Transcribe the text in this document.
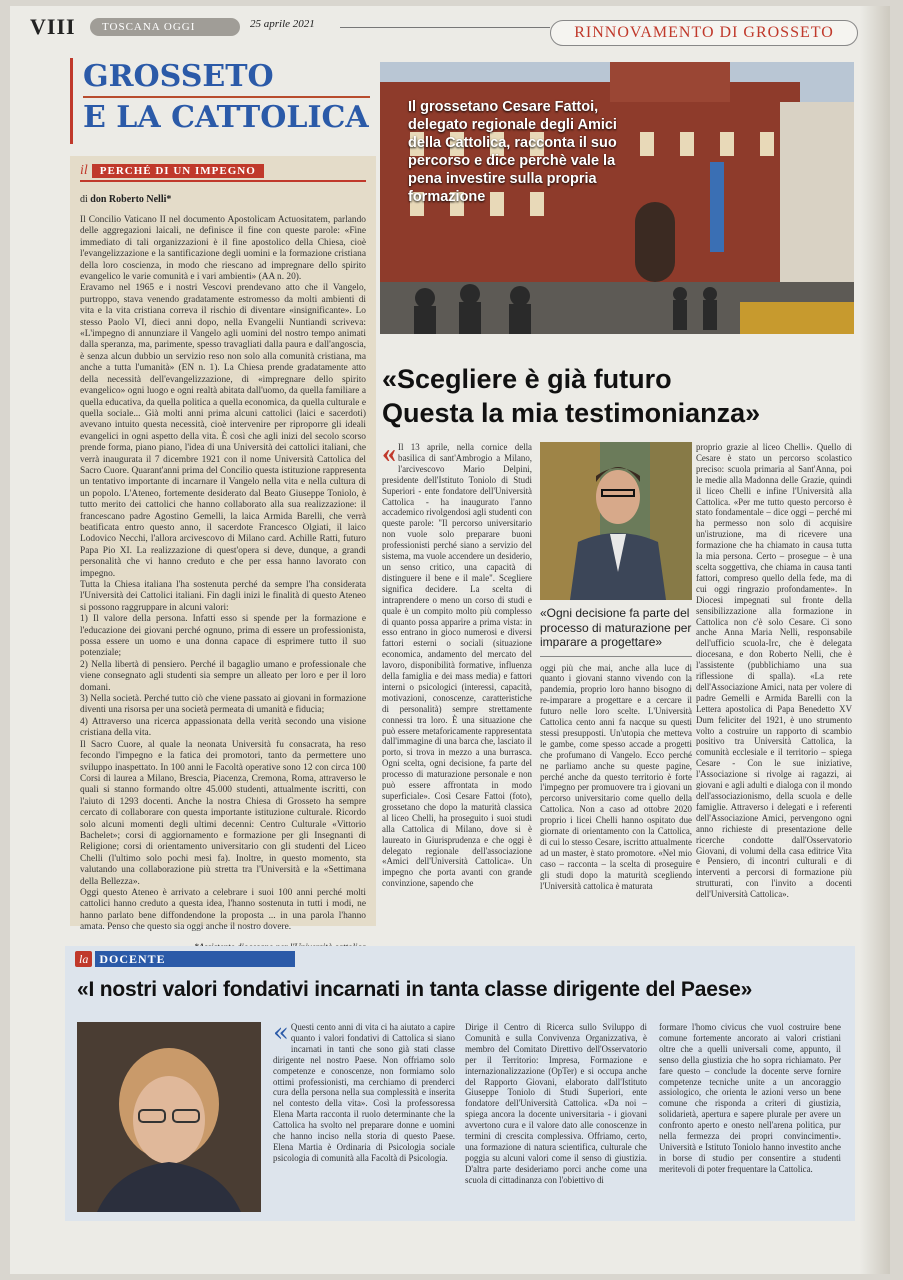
VIII	TOSCANA OGGI	25 aprile 2021	RINNOVAMENTO DI GROSSETO
GROSSETO
E LA CATTOLICA
il	PERCHÉ DI UN IMPEGNO
di don Roberto Nelli*

Il Concilio Vaticano II nel documento Apostolicam Actuositatem, parlando delle aggregazioni laicali, ne definisce il fine con queste parole: «Fine immediato di tali organizzazioni è il fine apostolico della Chiesa, cioè l'evangelizzazione e la santificazione degli uomini e la formazione cristiana della loro coscienza, in modo che riescano ad impregnare dello spirito evangelico le varie comunità e i vari ambienti» (AA n. 20).

Eravamo nel 1965 e i nostri Vescovi prendevano atto che il Vangelo, purtroppo, stava venendo gradatamente estromesso da molti ambienti di vita e la vita cristiana correva il rischio di diventare «insignificante». Lo stesso Paolo VI, dieci anni dopo, nella Evangelii Nuntiandi scriveva: «L'impegno di annunziare il Vangelo agli uomini del nostro tempo animati dalla speranza, ma, parimente, spesso travagliati dalla paura e dall'angoscia, è senza alcun dubbio un servizio reso non solo alla comunità cristiana, ma anche a tutta l'umanità» (EN n. 1). La Chiesa prende gradatamente atto della necessità dell'evangelizzazione, di «impregnare dello spirito evangelico» ogni luogo e ogni realtà abitata dall'uomo, da quella familiare a quella educativa, da quella politica a quella economica, da quella culturale e quella sociale... Già molti anni prima alcuni cattolici (laici e sacerdoti) avevano intuito questa necessità, cioè intervenire per riproporre gli ideali evangelici in ogni aspetto della vita. È così che agli inizi del secolo scorso prende forma, piano piano, l'idea di una Università dei cattolici italiani, che verrà inaugurata il 7 dicembre 1921 con il nome Università Cattolica del Sacro Cuore. Quarant'anni prima del Concilio questa istituzione rappresenta un tentativo importante di incarnare il Vangelo nella vita e nella cultura di un popolo. L'Ateneo, fortemente desiderato dal Beato Giuseppe Toniolo, è tutto merito dei cattolici che hanno collaborato alla sua realizzazione: il francescano padre Agostino Gemelli, la laica Armida Barelli, che verrà beatificata entro questo anno, il sacerdote Francesco Olgiati, il laico Lodovico Necchi, l'allora arcivescovo di Milano card. Achille Ratti, futuro Papa Pio XI. La realizzazione di quest'opera si deve, dunque, a grandi personalità che vi hanno creduto e che per essa hanno lavorato con impegno.

Tutta la Chiesa italiana l'ha sostenuta perché da sempre l'ha considerata l'Università dei Cattolici italiani. Fin dagli inizi le finalità di questo Ateneo si possono raggruppare in alcuni valori:

1) Il valore della persona. Infatti esso si spende per la formazione e l'educazione dei giovani perché ognuno, prima di essere un professionista, possa essere un uomo e una donna capace di esprimere tutto il suo potenziale;

2) Nella libertà di pensiero. Perché il bagaglio umano e professionale che viene consegnato agli studenti sia sempre un alleato per loro e per il loro domani.

3) Nella società. Perché tutto ciò che viene passato ai giovani in formazione diventi una risorsa per una società permeata di umanità e fiducia;

4) Attraverso una ricerca appassionata della verità secondo una visione cristiana della vita.

Il Sacro Cuore, al quale la neonata Università fu consacrata, ha reso fecondo l'impegno e la fatica dei promotori, tanto da permettere uno sviluppo inaspettato. In 100 anni le Facoltà operative sono 12 con circa 100 Corsi di laurea a Milano, Brescia, Piacenza, Cremona, Roma, attraverso le quali si stanno formando oltre 45.000 studenti, attualmente iscritti, con l'aiuto di 1293 docenti. Anche la nostra Chiesa di Grosseto ha sempre cercato di collaborare con questa importante istituzione culturale. Ricordo solo alcuni momenti degli ultimi decenni: Centro Culturale «Vittorio Bachelet»; corsi di aggiornamento e formazione per gli Insegnanti di Religione; corsi di orientamento universitario con gli studenti del Liceo Chelli (l'ultimo solo pochi mesi fa). Inoltre, in questo momento, sta valutando una collaborazione più stretta tra l'Università e la «Settimana della Bellezza».

Oggi questo Ateneo è arrivato a celebrare i suoi 100 anni perché molti cattolici hanno creduto a questa idea, l'hanno sostenuta in tutti i modi, ne hanno parlato bene diffondendone la proposta ... in una parola l'hanno amata. Penso che questo sia oggi anche il nostro dovere.

Il grossetano Cesare Fattoi, delegato regionale degli Amici della Cattolica, racconta il suo percorso e dice perchè vale la pena investire sulla propria formazione
«Scegliere è già futuro
Questa la mia testimonianza»
« Il 13 aprile, nella cornice della basilica di sant'Ambrogio a Milano, l'arcivescovo Mario Delpini, presidente dell'Istituto Toniolo di Studi Superiori - ente fondatore dell'Università Cattolica - ha inaugurato l'anno accademico rivolgendosi agli studenti con queste parole: "Il percorso universitario non vuole solo preparare buoni professionisti perché siano a servizio del sistema, ma vuole accendere un desiderio, un senso critico, una capacità di distinguere il bene e il male". Scegliere significa decidere. La scelta di intraprendere o meno un corso di studi e quale è un compito molto più complesso di quanto possa apparire a prima vista: in esso entrano in gioco numerosi e diversi fattori esterni o sociali (situazione economica, andamento del mercato del lavoro, disponibilità formative, influenza della famiglia e dei mass media) e fattori interni o psicologici (interessi, capacità, motivazioni, conoscenze, caratteristiche di personalità) sempre strettamente connessi tra loro. È una situazione che può essere metaforicamente rappresentata dall'immagine di una barca che, lasciato il porto, si trova in mezzo a una burrasca. Ogni scelta, ogni decisione, fa parte del processo di maturazione personale e non può essere affrontata in modo superficiale». Così Cesare Fattoi (foto), grossetano che dopo la maturità classica al liceo Chelli, ha proseguito i suoi studi alla Cattolica di Milano, dove si è laureato in Giurisprudenza e che oggi è delegato regionale dell'associazione «Amici dell'Università Cattolica». Un impegno che porta avanti con grande convinzione, sapendo che
«Ogni decisione fa parte del processo di maturazione per imparare a progettare»
oggi più che mai, anche alla luce di quanto i giovani stanno vivendo con la pandemia, proprio loro hanno bisogno di re-imparare a progettare e a cercare il futuro nelle loro scelte. L'Università Cattolica cento anni fa nacque su questi stessi presupposti. Un'utopia che metteva le gambe, come spesso accade a progetti che profumano di Vangelo. Ecco perché ne parliamo anche su queste pagine, perché anche da questo territorio è forte l'impegno per promuovere tra i giovani un percorso universitario come quello della Cattolica. Non a caso ad ottobre 2020 proprio i licei Chelli hanno ospitato due giornate di orientamento con la Cattolica, di cui lo stesso Cesare, iscritto attualmente ad un master, è stato promotore. «Nel mio caso – racconta – la scelta di proseguire gli studi dopo la maturità scegliendo l'Università cattolica è maturata
proprio grazie al liceo Chelli». Quello di Cesare è stato un percorso scolastico preciso: scuola primaria al Sant'Anna, poi le medie alla Madonna delle Grazie, quindi il liceo Chelli e infine l'Università alla Cattolica. «Per me tutto questo percorso è stato fondamentale – dice oggi – perché mi ha permesso non solo di acquisire un'istruzione, ma di ricevere una formazione che ha chiamato in causa tutta la mia persona. Certo – prosegue – è una scelta soggettiva, che chiama in causa tanti fattori, compreso quello della fede, ma di cui oggi ringrazio profondamente». In Diocesi impegnati sul fronte della sensibilizzazione alla formazione in Cattolica non c'è solo Cesare. Ci sono anche Anna Maria Nelli, responsabile dell'ufficio scuola-Irc, che è delegata diocesana, e don Roberto Nelli, che è l'assistente (pubblichiamo una sua riflessione di spalla). «La rete dell'Associazione Amici, nata per volere di padre Gemelli e Armida Barelli con la Lettera apostolica di Papa Benedetto XV Dum feliciter del 1921, è uno strumento volto a costruire un rapporto di scambio positivo tra Università Cattolica, la comunità ecclesiale e il territorio – spiega Cesare - Con le sue iniziative, l'Associazione si rivolge ai ragazzi, ai giovani e agli adulti e dialoga con il mondo dell'associazionismo, della scuola e delle famiglie. Attraverso i delegati e i referenti dell'Associazione Amici, pervengono ogni anno richieste di presentazione delle ricerche condotte dall'Osservatorio Giovani, di volumi della casa editrice Vita e Pensiero, di incontri culturali e di interventi a percorsi di formazione più strutturati, con l'invito a docenti dell'Università Cattolica».
la DOCENTE
«I nostri valori fondativi incarnati in tanta classe dirigente del Paese»
« Questi cento anni di vita ci ha aiutato a capire quanto i valori fondativi di Cattolica si siano incarnati in tanti che sono già stati classe dirigente nel nostro Paese. Non offriamo solo competenze e conoscenze, non formiamo solo ottimi professionisti, ma cerchiamo di prenderci cura della persona nella sua complessità e inserita nel contesto della vita». Così la professoressa Elena Marta racconta il ruolo determinante che la Cattolica ha svolto nel preparare donne e uomini che hanno inciso nella storia di questo Paese. Elena Martia è Ordinaria di Psicologia sociale psicologia di comunità alla Facoltà di Psicologia.
Dirige il Centro di Ricerca sullo Sviluppo di Comunità e sulla Convivenza Organizzativa, è membro del Comitato Direttivo dell'Osservatorio per il Territorio: Impresa, Formazione e internazionalizzazione (OpTer) e si occupa anche del Rapporto Giovani, elaborato dall'Istituto Giuseppe Toniolo di Studi Superiori, ente fondatore dell'Università Cattolica. «Da noi – spiega ancora la docente universitaria - i giovani avvertono cura e il valore dato alle conoscenze in termini di crescita complessiva. Offriamo, certo, una formazione di natura scientifica, culturale che poggia su alcuni valori come il senso di giustizia. D'altra parte desideriamo porci anche come una scuola di cittadinanza con l'obiettivo di
formare l'homo civicus che vuol costruire bene comune fortemente ancorato ai valori cristiani oltre che a quelli universali come, appunto, il senso della giustizia che ho sopra richiamato. Per fare questo – conclude la docente serve fornire competenze tecniche unite a un ancoraggio assiologico, che orienta le azioni verso un bene comune che risponda a criteri di giustizia, solidarietà, apertura e sapere plurale per avere un confronto aperto e onesto nell'arena politica, pur nella fermezza dei propri convincimenti». Università e Istituto Toniolo hanno investito anche in borse di studio per consentire a studenti meritevoli di poter frequentare la Cattolica.
